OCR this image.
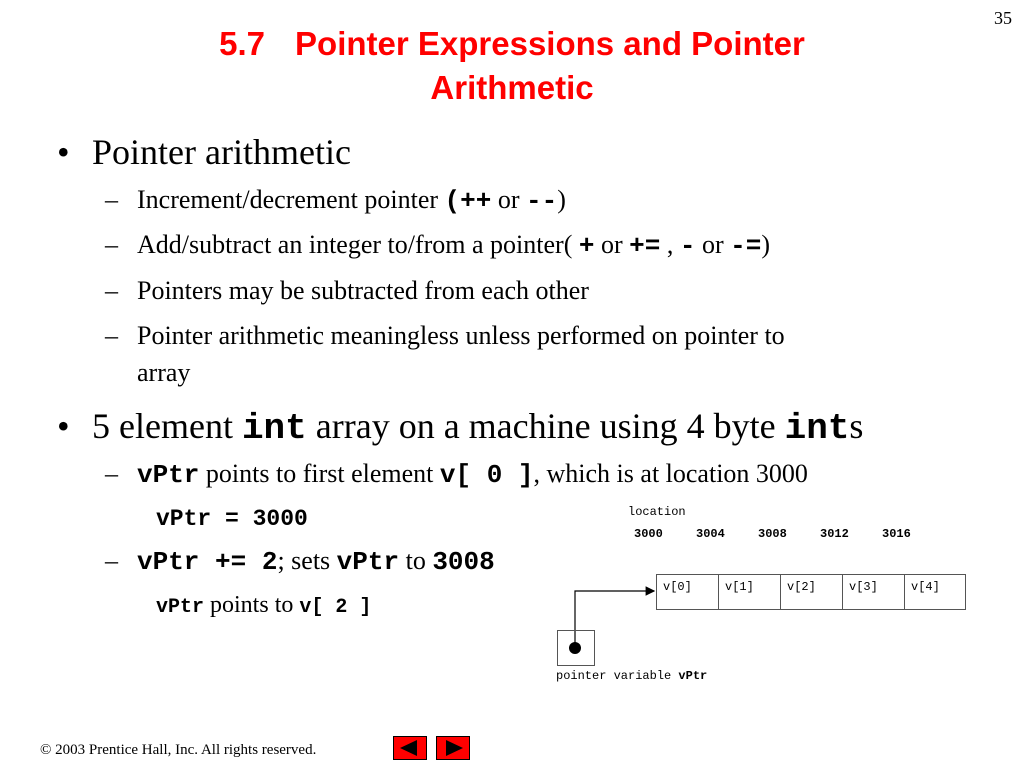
35
5.7 Pointer Expressions and Pointer
Arithmetic
• Pointer arithmetic
– Increment/decrement pointer (++ or --)
– Add/subtract an integer to/from a pointer( + or += , - or -=)
– Pointers may be subtracted from each other
– Pointer arithmetic meaningless unless performed on pointer to
array
• 5 element int array on a machine using 4 byte ints
– vPtr points to first element v[ 0 ], which is at location 3000
vPtr = 3000
– vPtr += 2; sets vPtr to 3008
vPtr points to v[ 2 ]
location
3000	3004	3008	3012	3016
v[0]	v[1]	v[2]	v[3]	v[4]
pointer variable vPtr
© 2003 Prentice Hall, Inc. All rights reserved.
